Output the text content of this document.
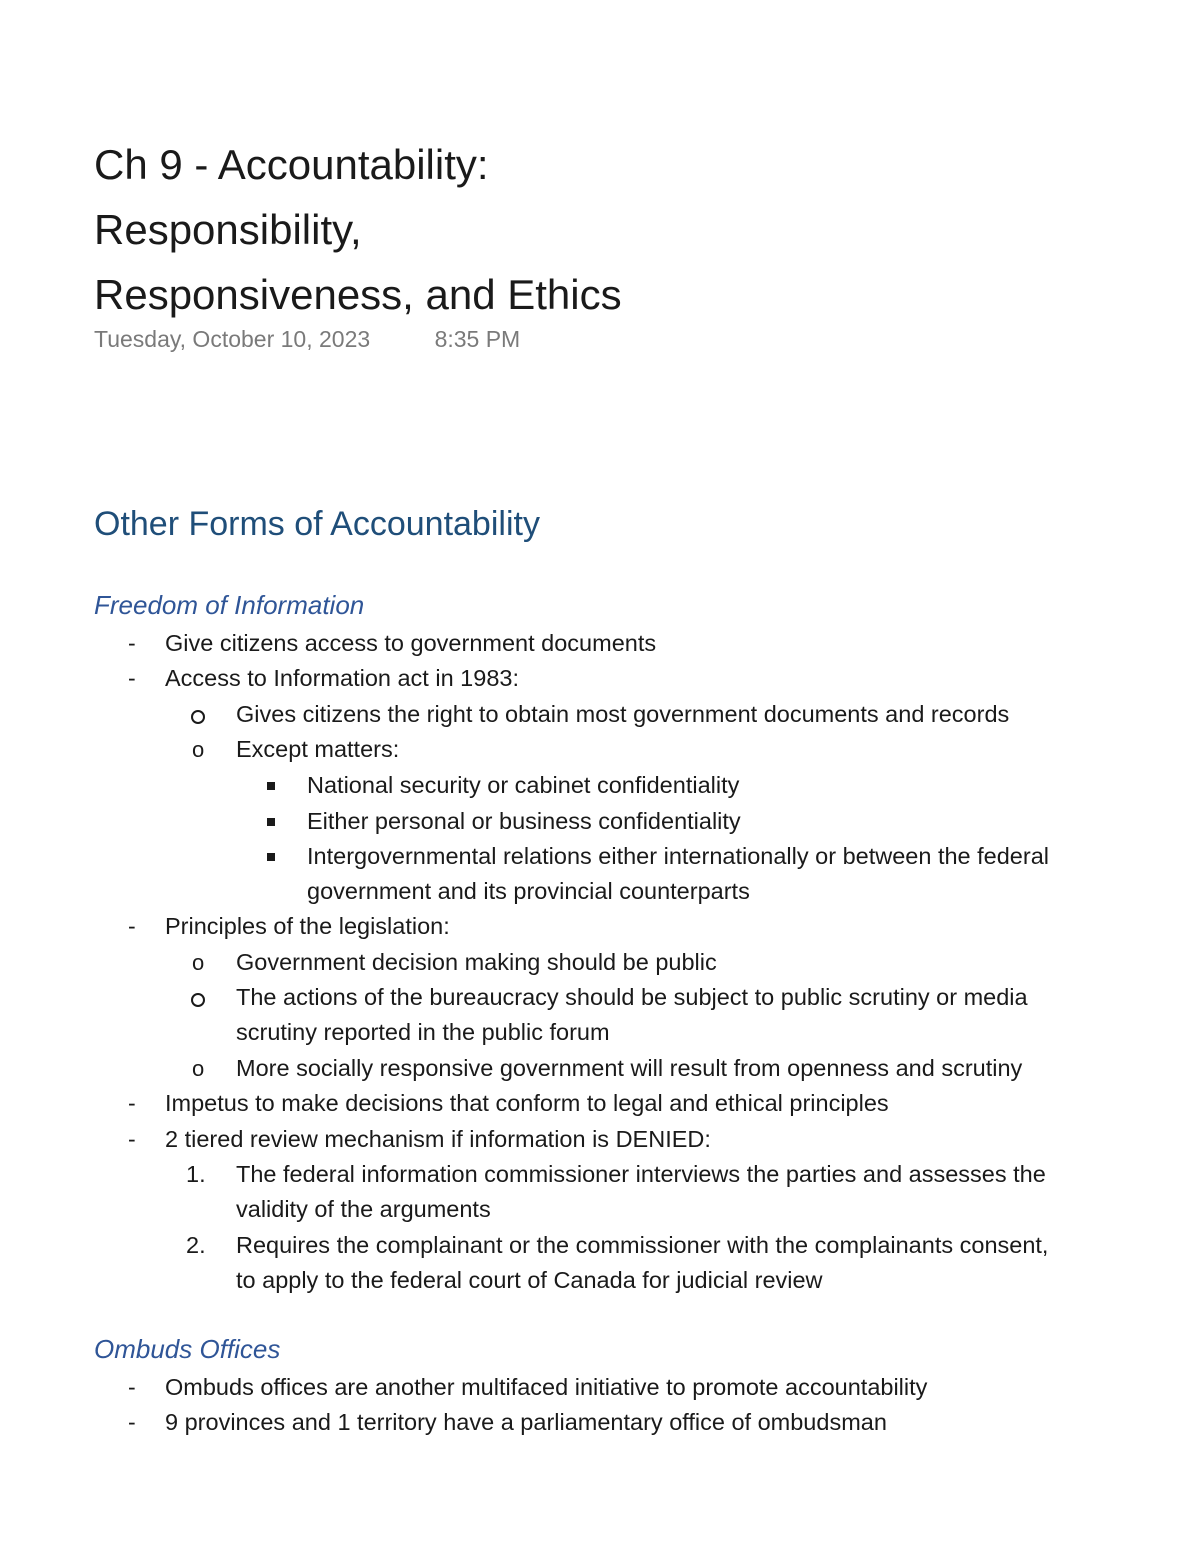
Ch 9 - Accountability:
Responsibility,
Responsiveness, and Ethics
Tuesday, October 10, 2023	8:35 PM
Other Forms of Accountability
Freedom of Information
- Give citizens access to government documents
- Access to Information act in 1983:
Gives citizens the right to obtain most government documents and records
o Except matters:
National security or cabinet confidentiality
Either personal or business confidentiality
Intergovernmental relations either internationally or between the federal
government and its provincial counterparts
- Principles of the legislation:
o Government decision making should be public
The actions of the bureaucracy should be subject to public scrutiny or media
scrutiny reported in the public forum
o More socially responsive government will result from openness and scrutiny
- Impetus to make decisions that conform to legal and ethical principles
- 2 tiered review mechanism if information is DENIED:
1. The federal information commissioner interviews the parties and assesses the
validity of the arguments
2. Requires the complainant or the commissioner with the complainants consent,
to apply to the federal court of Canada for judicial review
Ombuds Offices
- Ombuds offices are another multifaced initiative to promote accountability
- 9 provinces and 1 territory have a parliamentary office of ombudsman
